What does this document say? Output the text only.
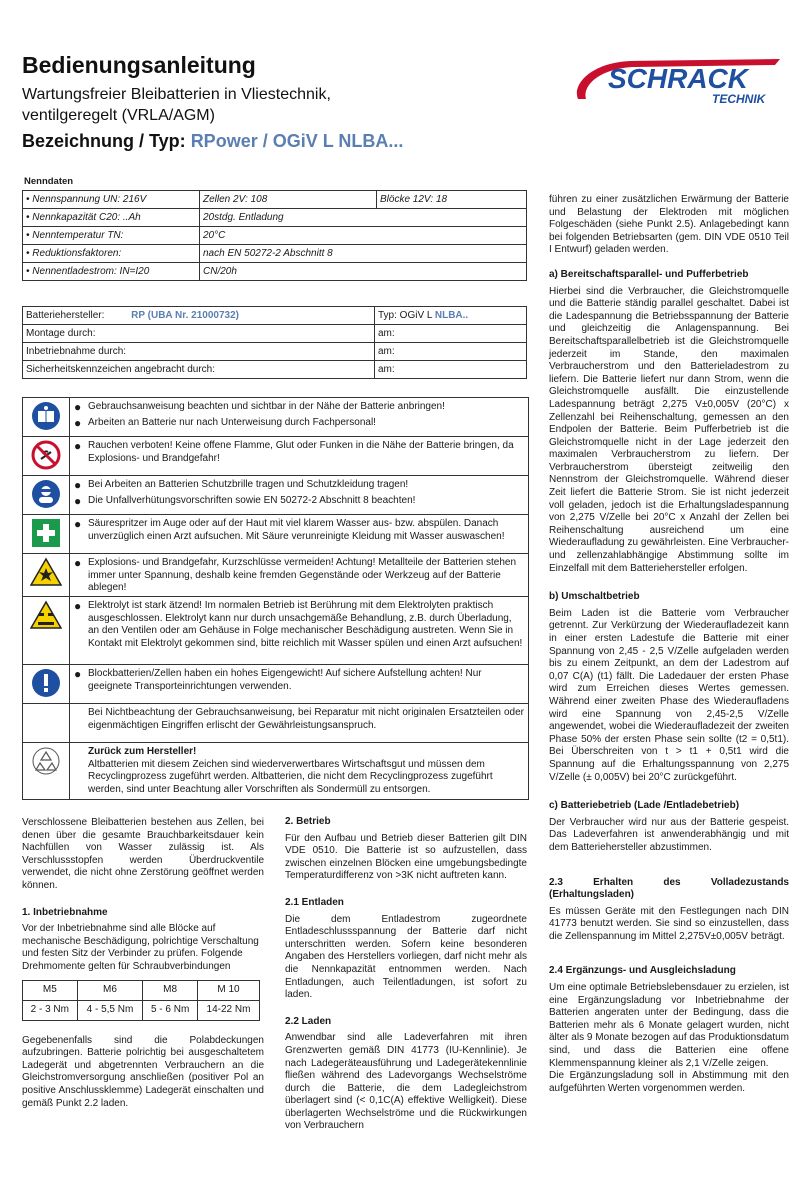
Bedienungsanleitung
Wartungsfreier Bleibatterien in Vliestechnik,
ventilgeregelt (VRLA/AGM)
Bezeichnung / Typ: RPower / OGiV L NLBA...
SCHRACK
TECHNIK
Nenndaten
• Nennspannung UN: 216V	Zellen 2V: 108	Blöcke 12V: 18
• Nennkapazität C20: ..Ah	20stdg. Entladung	
• Nenntemperatur TN:	20°C	
• Reduktionsfaktoren:	nach EN 50272-2 Abschnitt 8	
• Nennentladestrom: IN=I20	CN/20h	
Batteriehersteller: RP (UBA Nr. 21000732)	Typ: OGiV L NLBA..
Montage durch:	am:
Inbetriebnahme durch:	am:
Sicherheitskennzeichen angebracht durch:	am:
● Gebrauchsanweisung beachten und sichtbar in der Nähe der Batterie anbringen!
● Arbeiten an Batterie nur nach Unterweisung durch Fachpersonal!
● Rauchen verboten! Keine offene Flamme, Glut oder Funken in die Nähe der Batterie bringen, da Explosions- und Brandgefahr!
● Bei Arbeiten an Batterien Schutzbrille tragen und Schutzkleidung tragen!
● Die Unfallverhütungsvorschriften sowie EN 50272-2 Abschnitt 8 beachten!
● Säurespritzer im Auge oder auf der Haut mit viel klarem Wasser aus- bzw. abspülen. Danach unverzüglich einen Arzt aufsuchen. Mit Säure verunreinigte Kleidung mit Wasser auswaschen!
● Explosions- und Brandgefahr, Kurzschlüsse vermeiden! Achtung! Metallteile der Batterien stehen immer unter Spannung, deshalb keine fremden Gegenstände oder Werkzeug auf der Batterie ablegen!
● Elektrolyt ist stark ätzend! Im normalen Betrieb ist Berührung mit dem Elektrolyten praktisch ausgeschlossen. Elektrolyt kann nur durch unsachgemäße Behandlung, z.B. durch Überladung, an den Ventilen oder am Gehäuse in Folge mechanischer Beschädigung austreten. Wenn Sie in Kontakt mit Elektrolyt gekommen sind, bitte reichlich mit Wasser spülen und einen Arzt aufsuchen!
● Blockbatterien/Zellen haben ein hohes Eigengewicht! Auf sichere Aufstellung achten! Nur geeignete Transporteinrichtungen verwenden.
Bei Nichtbeachtung der Gebrauchsanweisung, bei Reparatur mit nicht originalen Ersatzteilen oder eigenmächtigen Eingriffen erlischt der Gewährleistungsanspruch.
Zurück zum Hersteller!
Altbatterien mit diesem Zeichen sind wiederverwertbares Wirtschaftsgut und müssen dem Recyclingprozess zugeführt werden. Altbatterien, die nicht dem Recyclingprozess zugeführt werden, sind unter Beachtung aller Vorschriften als Sondermüll zu entsorgen.

Verschlossene Bleibatterien bestehen aus Zellen, bei denen über die gesamte Brauchbarkeitsdauer kein Nachfüllen von Wasser zulässig ist. Als Verschlussstopfen werden Überdruckventile verwendet, die nicht ohne Zerstörung geöffnet werden können.

1. Inbetriebnahme

Vor der Inbetriebnahme sind alle Blöcke auf mechanische Beschädigung, polrichtige Verschaltung und festen Sitz der Verbinder zu prüfen. Folgende Drehmomente gelten für Schraubverbindungen

M5	M6	M8	M 10
2 - 3 Nm	4 - 5,5 Nm	5 - 6 Nm	14-22 Nm

Gegebenenfalls sind die Polabdeckungen aufzubringen. Batterie polrichtig bei ausgeschaltetem Ladegerät und abgetrennten Verbrauchern an die Gleichstromversorgung anschließen (positiver Pol an positive Anschlussklemme) Ladegerät einschalten und gemäß Punkt 2.2 laden.

2. Betrieb

Für den Aufbau und Betrieb dieser Batterien gilt DIN VDE 0510. Die Batterie ist so aufzustellen, dass zwischen einzelnen Blöcken eine umgebungsbedingte Temperaturdifferenz von >3K nicht auftreten kann.

2.1 Entladen

Die dem Entladestrom zugeordnete Entladeschlussspannung der Batterie darf nicht unterschritten werden. Sofern keine besonderen Angaben des Herstellers vorliegen, darf nicht mehr als die Nennkapazität entnommen werden. Nach Entladungen, auch Teilentladungen, ist sofort zu laden.

2.2 Laden

Anwendbar sind alle Ladeverfahren mit ihren Grenzwerten gemäß DIN 41773 (IU-Kennlinie). Je nach Ladegeräteausführung und Ladegerätekennlinie fließen während des Ladevorgangs Wechselströme durch die Batterie, die dem Ladegleichstrom überlagert sind (< 0,1C(A) effektive Welligkeit). Diese überlagerten Wechselströme und die Rückwirkungen von Verbrauchern

führen zu einer zusätzlichen Erwärmung der Batterie und Belastung der Elektroden mit möglichen Folgeschäden (siehe Punkt 2.5). Anlagebedingt kann bei folgenden Betriebsarten (gem. DIN VDE 0510 Teil I Entwurf) geladen werden.

a) Bereitschaftsparallel- und Pufferbetrieb

Hierbei sind die Verbraucher, die Gleichstromquelle und die Batterie ständig parallel geschaltet. Dabei ist die Ladespannung die Betriebsspannung der Batterie und gleichzeitig die Anlagenspannung. Bei Bereitschaftsparallelbetrieb ist die Gleichstromquelle jederzeit im Stande, den maximalen Verbraucherstrom und den Batterieladestrom zu liefern. Die Batterie liefert nur dann Strom, wenn die Gleichstromquelle ausfällt. Die einzustellende Ladespannung beträgt 2,275 V±0,005V (20°C) x Zellenzahl bei Reihenschaltung, gemessen an den Endpolen der Batterie. Beim Pufferbetrieb ist die Gleichstromquelle nicht in der Lage jederzeit den maximalen Verbraucherstrom zu liefern. Der Verbraucherstrom übersteigt zeitweilig den Nennstrom der Gleichstromquelle. Während dieser Zeit liefert die Batterie Strom. Sie ist nicht jederzeit voll geladen, jedoch ist die Erhaltungsladespannung von 2,275 V/Zelle bei 20°C x Anzahl der Zellen bei Reihenschaltung ausreichend um eine Wiederaufladung zu gewährleisten. Eine Verbraucher- und zellenzahlabhängige Abstimmung sollte im Einzelfall mit dem Batteriehersteller erfolgen.

b) Umschaltbetrieb

Beim Laden ist die Batterie vom Verbraucher getrennt. Zur Verkürzung der Wiederaufladezeit kann in einer ersten Ladestufe die Batterie mit einer Spannung von 2,45 - 2,5 V/Zelle aufgeladen werden bis zu einem Zeitpunkt, an dem der Ladestrom auf 0,07 C(A) (t1) fällt. Die Ladedauer der ersten Phase wird zum Erreichen dieses Wertes gemessen. Während einer zweiten Phase des Wiederaufladens wird eine Spannung von 2,45-2,5 V/Zelle angewendet, wobei die Wiederaufladezeit der zweiten Phase 50% der ersten Phase sein sollte (t2 = 0,5t1). Bei Überschreiten von t > t1 + 0,5t1 wird die Spannung auf die Erhaltungsspannung von 2,275 V/Zelle (± 0,005V) bei 20°C zurückgeführt.

c) Batteriebetrieb (Lade /Entladebetrieb)

Der Verbraucher wird nur aus der Batterie gespeist. Das Ladeverfahren ist anwenderabhängig und mit dem Batteriehersteller abzustimmen.

2.3 Erhalten des Volladezustands (Erhaltungsladen)

Es müssen Geräte mit den Festlegungen nach DIN 41773 benutzt werden. Sie sind so einzustellen, dass die Zellenspannung im Mittel 2,275V±0,005V beträgt.

2.4 Ergänzungs- und Ausgleichsladung

Um eine optimale Betriebslebensdauer zu erzielen, ist eine Ergänzungsladung vor Inbetriebnahme der Batterien angeraten unter der Bedingung, dass die Batterien mehr als 6 Monate gelagert wurden, nicht älter als 9 Monate bezogen auf das Produktionsdatum sind, und dass die Batterien eine offene Klemmenspannung kleiner als 2,1 V/Zelle zeigen.

Die Ergänzungsladung soll in Abstimmung mit den aufgeführten Werten vorgenommen werden.
